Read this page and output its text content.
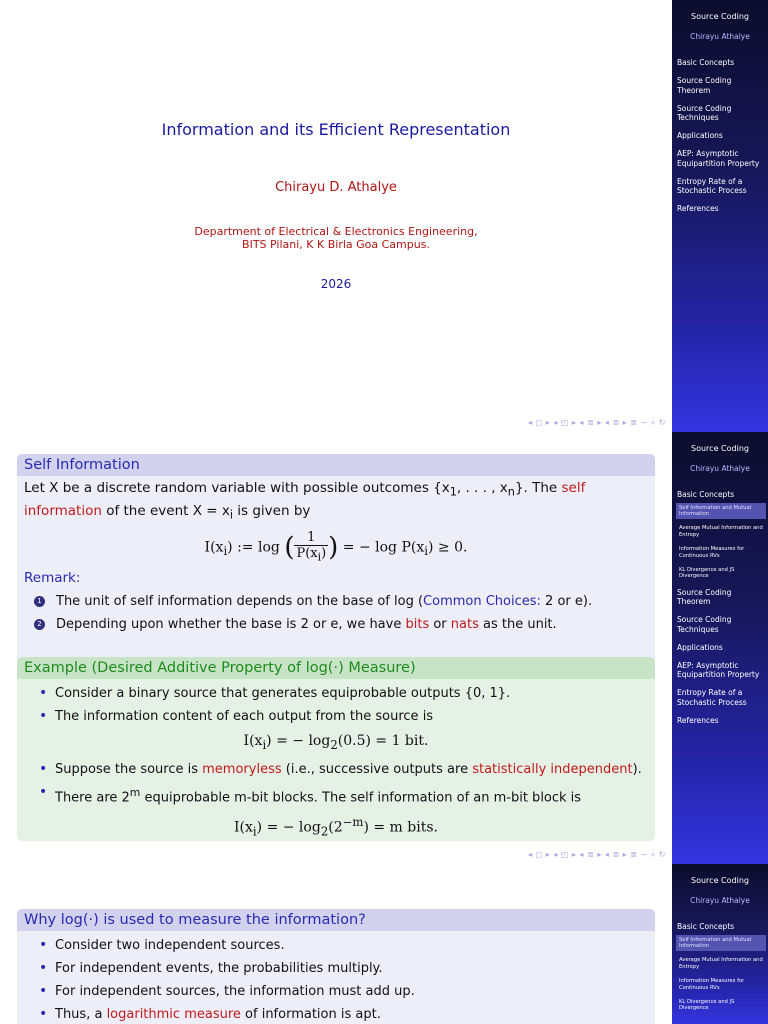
Information and its Efficient Representation
Chirayu D. Athalye
Department of Electrical & Electronics Engineering,
BITS Pilani, K K Birla Goa Campus.
2026
◂ ◻ ▸ ◂ ◰ ▸ ◂ ≣ ▸ ◂ ≣ ▸ ≣ ∽ ⌕ ↻
Source Coding
Chirayu Athalye
Basic Concepts
Source Coding Theorem
Source Coding Techniques
Applications
AEP: Asymptotic Equipartition Property
Entropy Rate of a Stochastic Process
References
Self Information
Let X be a discrete random variable with possible outcomes {$x_1$, . . . , $x_n$}. The self information of the event $X = x_i$ is given by
$I(x_i)$ := log ( $\frac{1}{P(x_i)}$ ) = − $\log P(x_i) \ge 0$.
Remark:
1 The unit of self information depends on the base of log (Common Choices: 2 or e).
2 Depending upon whether the base is 2 or e, we have bits or nats as the unit.
Example (Desired Additive Property of log(·) Measure)
• Consider a binary source that generates equiprobable outputs {0, 1}.
• The information content of each output from the source is
$I(x_i)$ = − $\log_2(0.5) = 1$ bit.
• Suppose the source is memoryless (i.e., successive outputs are statistically independent).
• There are 2$^m$ equiprobable m-bit blocks. The self information of an m-bit block is
$I(x_i)$ = − $\log_2(2^{-m}) = m$ bits.
◂ ◻ ▸ ◂ ◰ ▸ ◂ ≣ ▸ ◂ ≣ ▸ ≣ ∽ ⌕ ↻
Source Coding
Chirayu Athalye
Basic Concepts
Self Information and Mutual Information
Average Mutual Information and Entropy
Information Measures for Continuous RVs
KL Divergence and JS Divergence
Source Coding Theorem
Source Coding Techniques
Applications
AEP: Asymptotic Equipartition Property
Entropy Rate of a Stochastic Process
References
Why log(·) is used to measure the information?
• Consider two independent sources.
• For independent events, the probabilities multiply.
• For independent sources, the information must add up.
• Thus, a logarithmic measure of information is apt.
Source Coding
Chirayu Athalye
Basic Concepts
Self Information and Mutual Information
Average Mutual Information and Entropy
Information Measures for Continuous RVs
KL Divergence and JS Divergence
